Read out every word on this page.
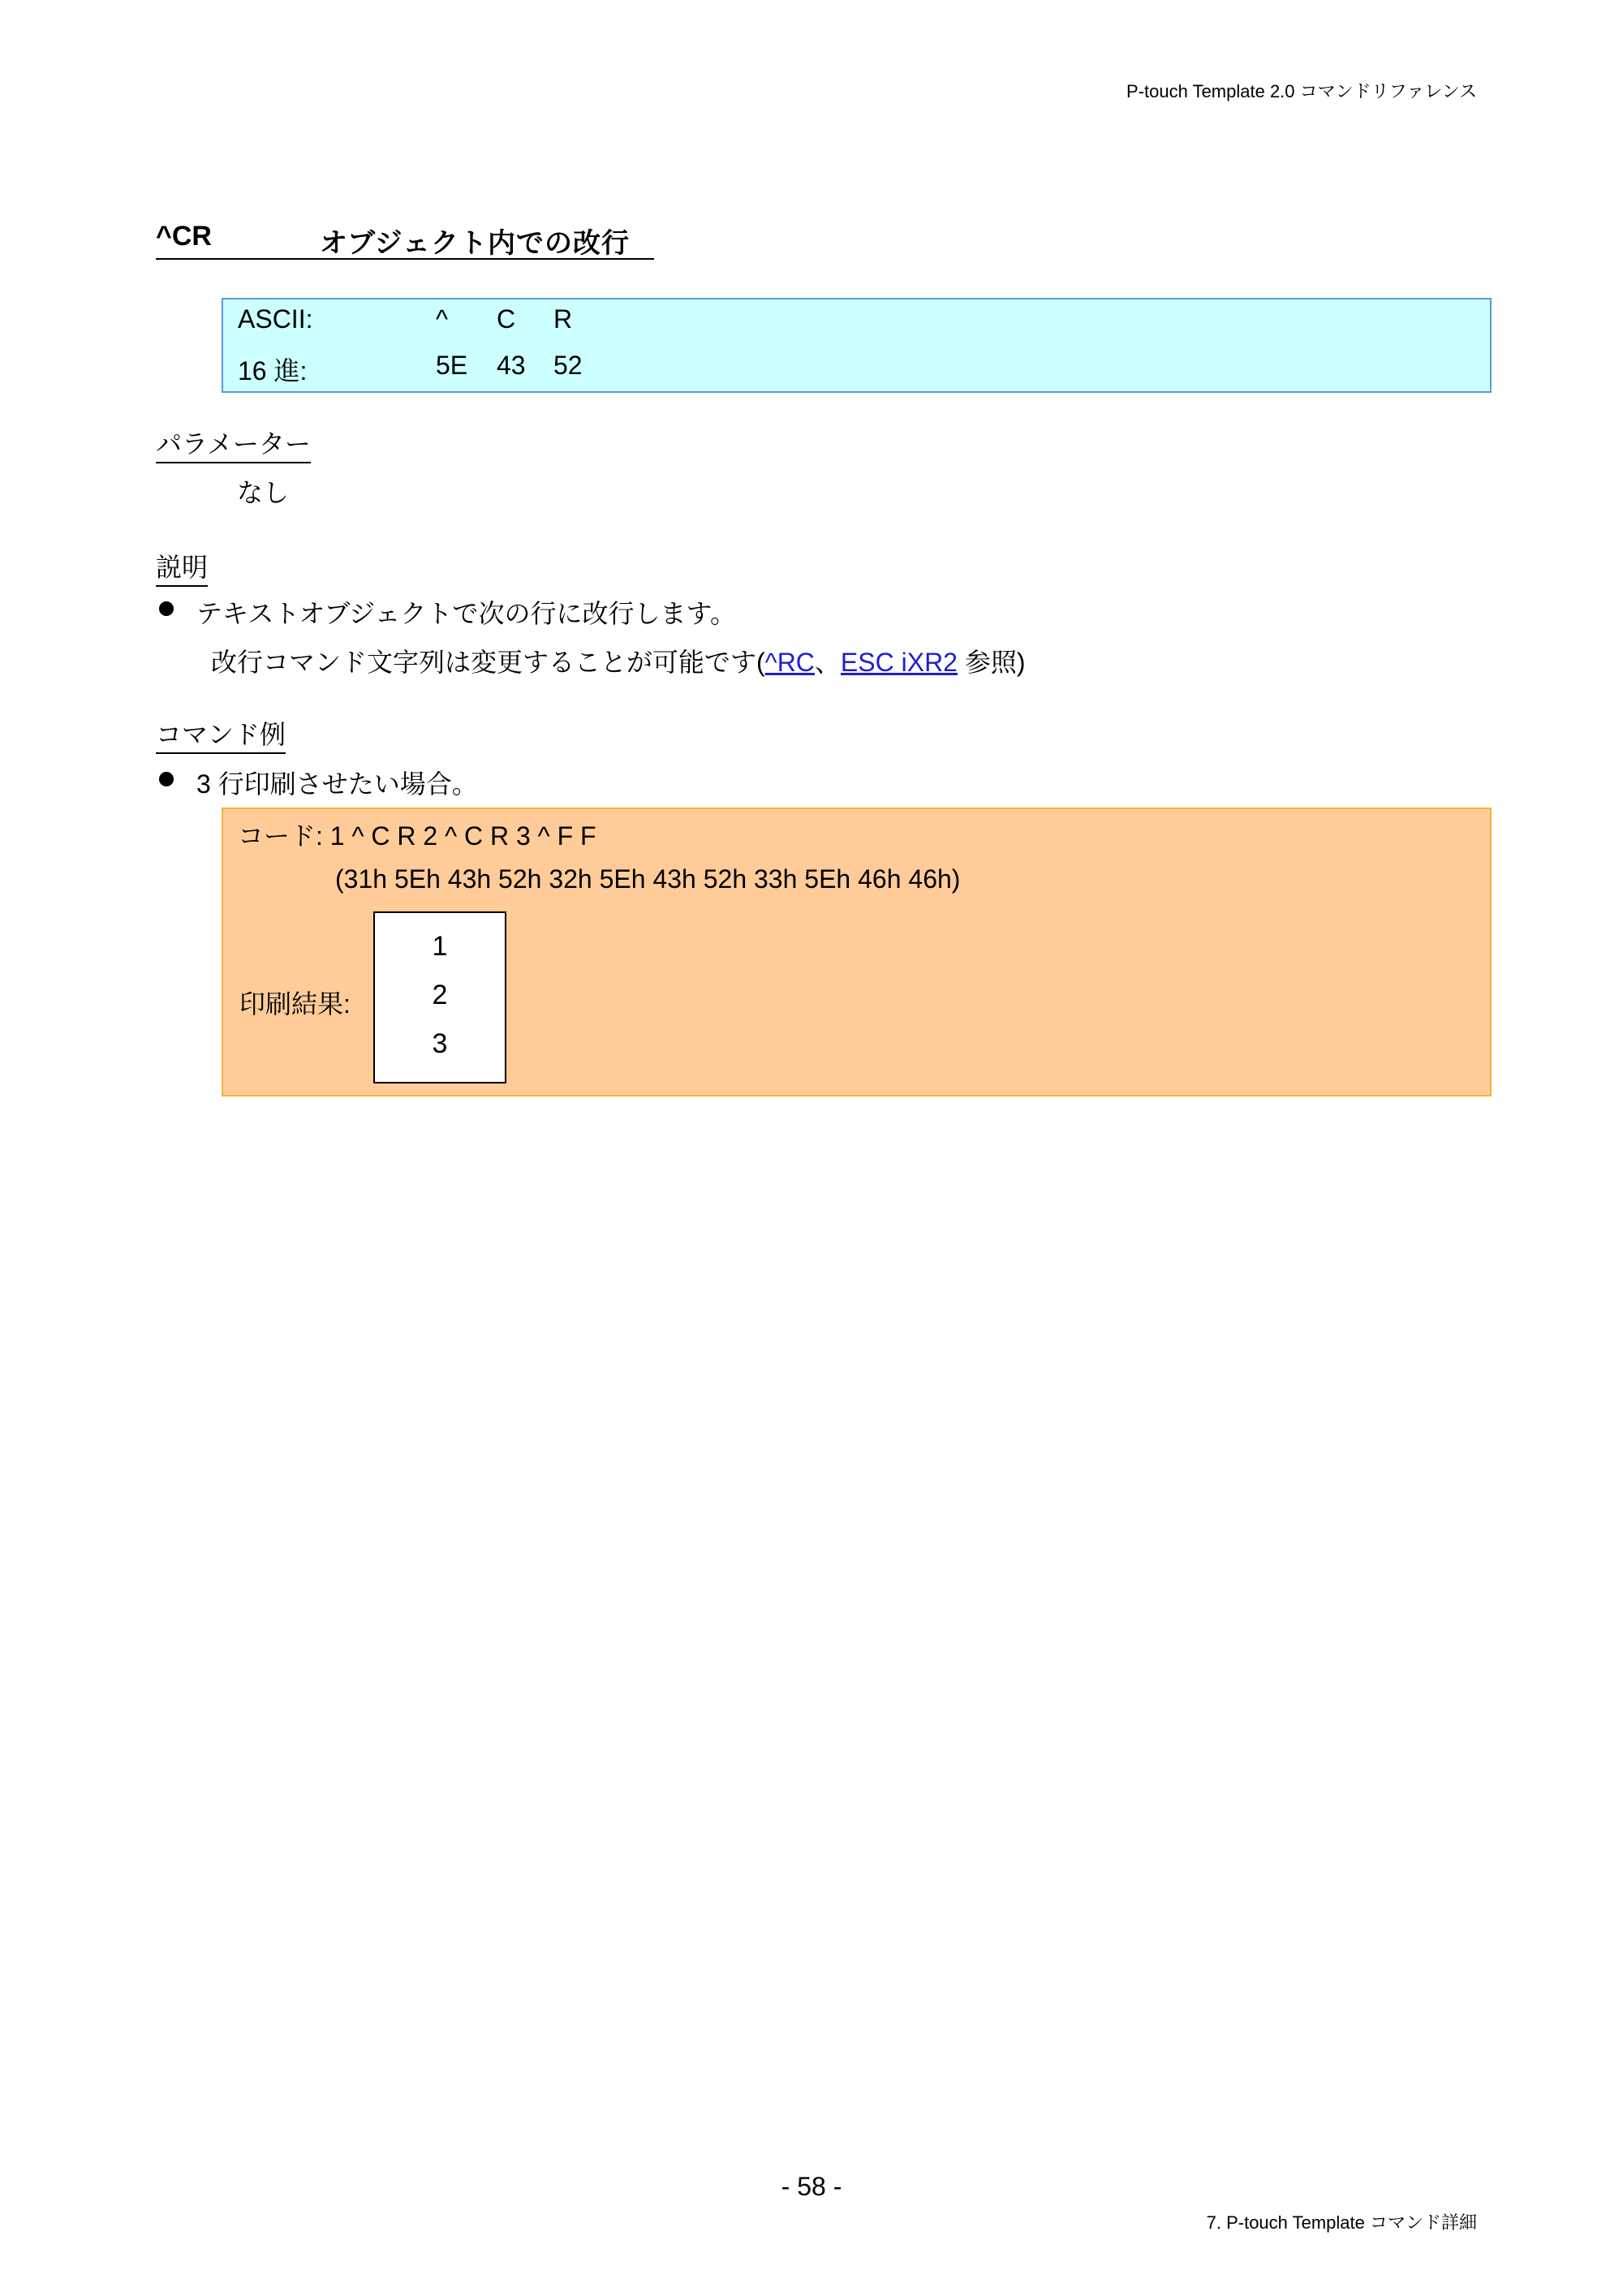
P-touch Template 2.0 コマンドリファレンス
^CR	オブジェクト内での改行
ASCII:	^ C R
16 進:	5E 43 52
パラメーター
なし
説明
テキストオブジェクトで次の行に改行します。
改行コマンド文字列は変更することが可能です(^RC、ESC iXR2 参照)
コマンド例
3 行印刷させたい場合。
コード: 1 ^ C R 2 ^ C R 3 ^ F F
(31h 5Eh 43h 52h 32h 5Eh 43h 52h 33h 5Eh 46h 46h)
印刷結果:
1
2
3
- 58 -
7. P-touch Template コマンド詳細
